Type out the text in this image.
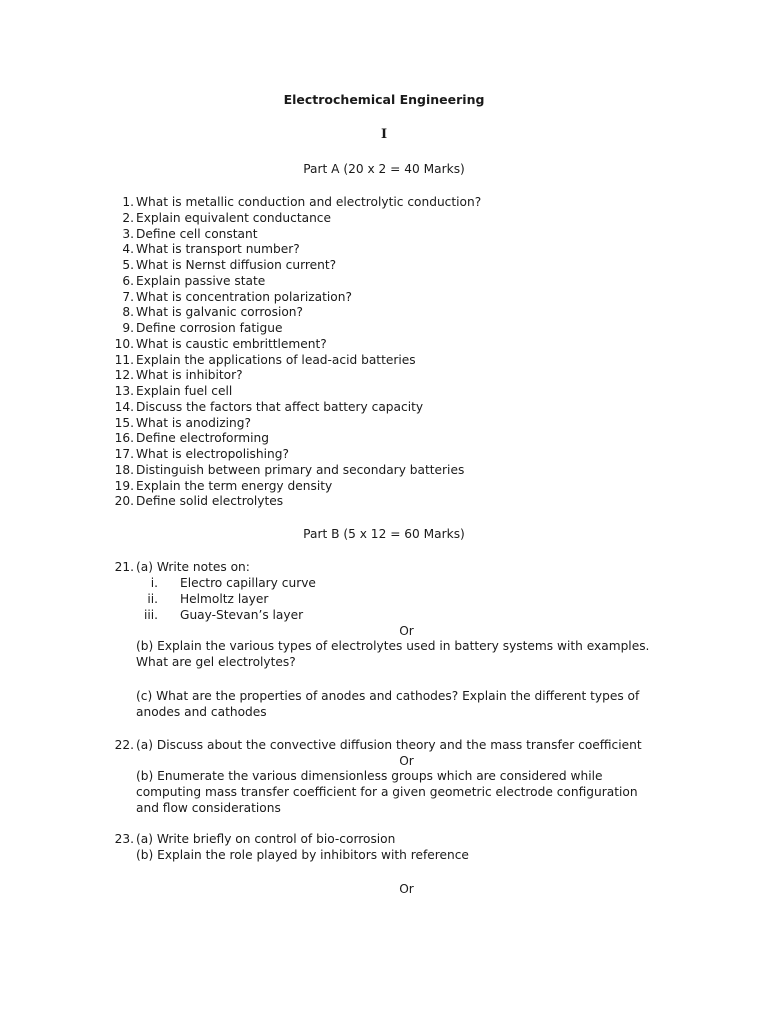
Electrochemical Engineering
I
Part A (20 x 2 = 40 Marks)
1. What is metallic conduction and electrolytic conduction?
2. Explain equivalent conductance
3. Define cell constant
4. What is transport number?
5. What is Nernst diffusion current?
6. Explain passive state
7. What is concentration polarization?
8. What is galvanic corrosion?
9. Define corrosion fatigue
10. What is caustic embrittlement?
11. Explain the applications of lead-acid batteries
12. What is inhibitor?
13. Explain fuel cell
14. Discuss the factors that affect battery capacity
15. What is anodizing?
16. Define electroforming
17. What is electropolishing?
18. Distinguish between primary and secondary batteries
19. Explain the term energy density
20. Define solid electrolytes
Part B (5 x 12 = 60 Marks)
21. (a) Write notes on:
i. Electro capillary curve
ii. Helmoltz layer
iii. Guay-Stevan’s layer
Or
(b) Explain the various types of electrolytes used in battery systems with examples.
What are gel electrolytes?
(c) What are the properties of anodes and cathodes? Explain the different types of
anodes and cathodes
22. (a) Discuss about the convective diffusion theory and the mass transfer coefficient
Or
(b) Enumerate the various dimensionless groups which are considered while
computing mass transfer coefficient for a given geometric electrode configuration
and flow considerations
23. (a) Write briefly on control of bio-corrosion
(b) Explain the role played by inhibitors with reference
Or
